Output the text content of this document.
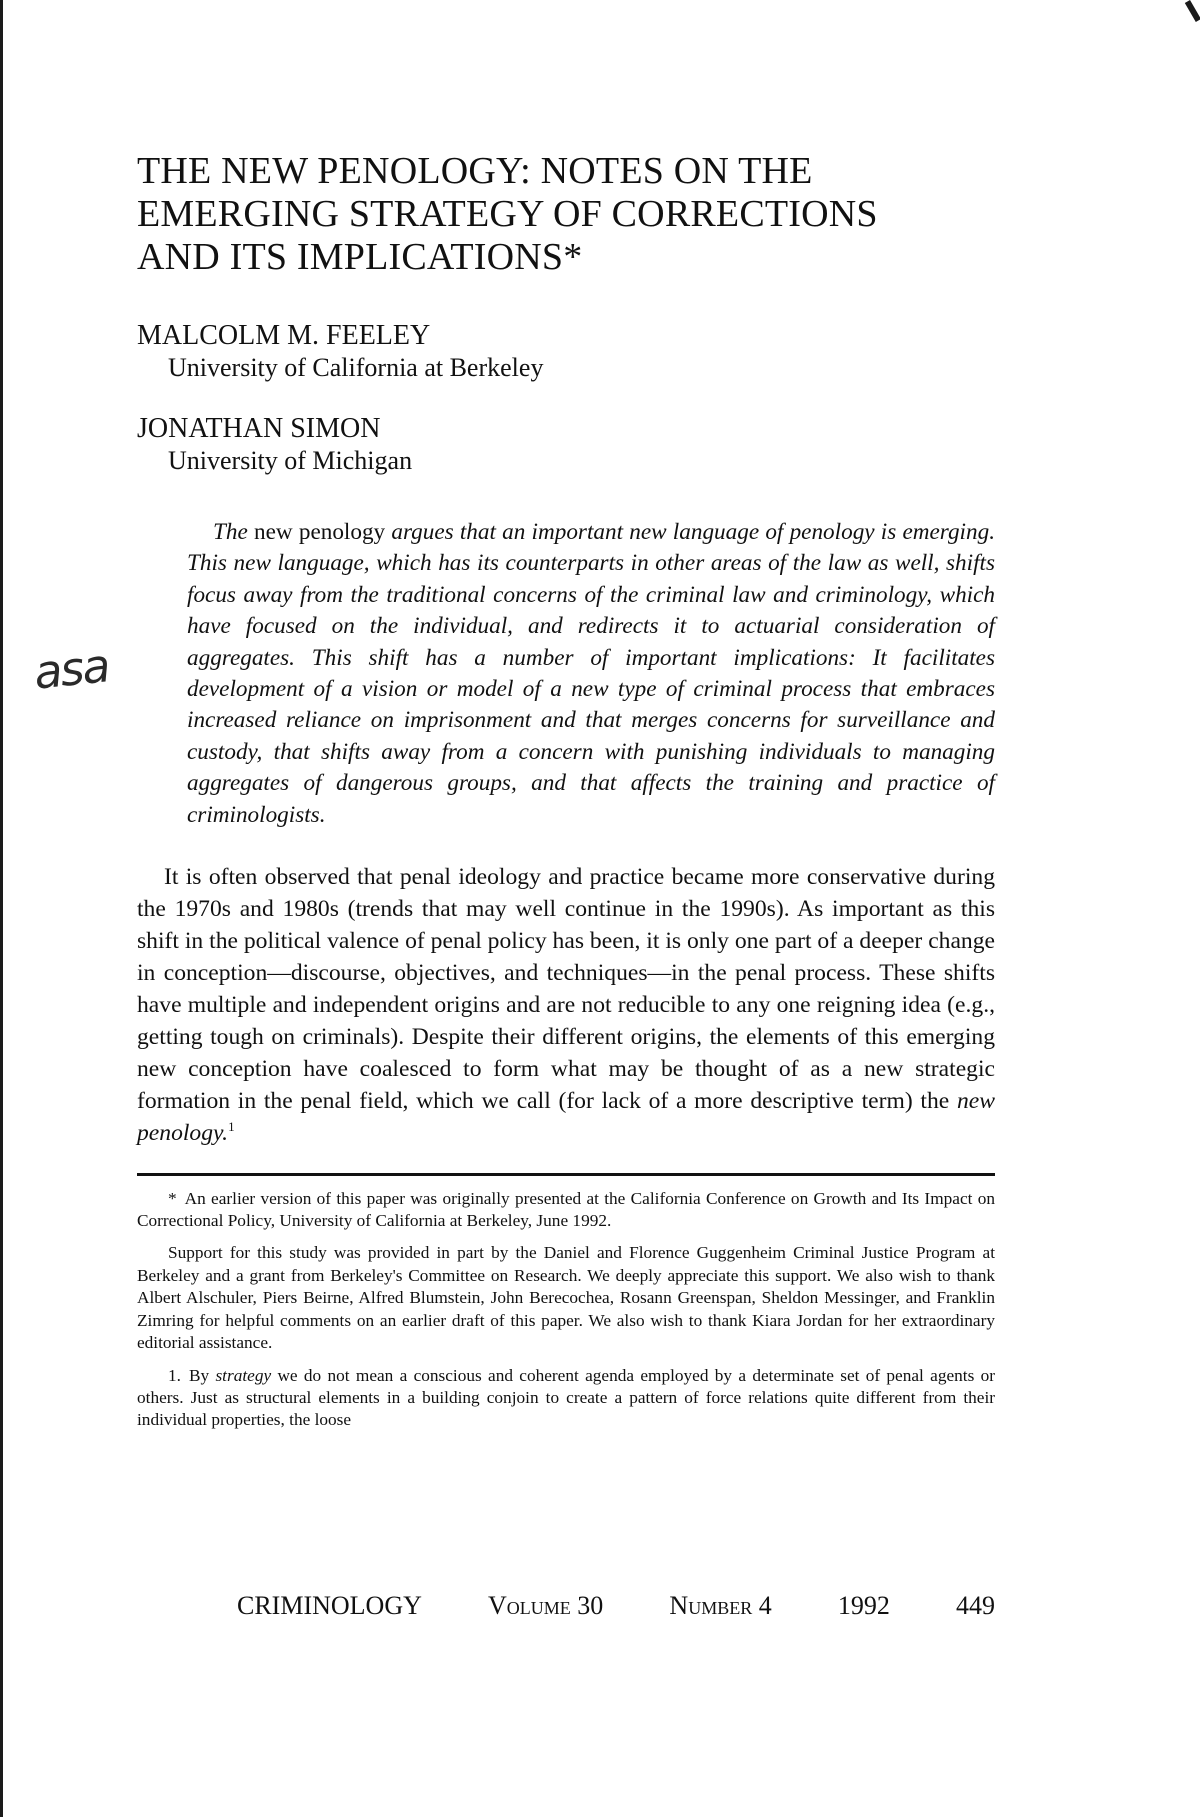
asa
THE NEW PENOLOGY: NOTES ON THE
EMERGING STRATEGY OF CORRECTIONS
AND ITS IMPLICATIONS*
MALCOLM M. FEELEY
University of California at Berkeley
JONATHAN SIMON
University of Michigan

The new penology argues that an important new language of penology is emerging. This new language, which has its counterparts in other areas of the law as well, shifts focus away from the traditional concerns of the criminal law and criminology, which have focused on the individual, and redirects it to actuarial consideration of aggregates. This shift has a number of important implications: It facilitates development of a vision or model of a new type of criminal process that embraces increased reliance on imprisonment and that merges concerns for surveillance and custody, that shifts away from a concern with punishing individuals to managing aggregates of dangerous groups, and that affects the training and practice of criminologists.

It is often observed that penal ideology and practice became more conservative during the 1970s and 1980s (trends that may well continue in the 1990s). As important as this shift in the political valence of penal policy has been, it is only one part of a deeper change in conception—discourse, objectives, and techniques—in the penal process. These shifts have multiple and independent origins and are not reducible to any one reigning idea (e.g., getting tough on criminals). Despite their different origins, the elements of this emerging new conception have coalesced to form what may be thought of as a new strategic formation in the penal field, which we call (for lack of a more descriptive term) the new penology.$^1$

* An earlier version of this paper was originally presented at the California Conference on Growth and Its Impact on Correctional Policy, University of California at Berkeley, June 1992.

Support for this study was provided in part by the Daniel and Florence Guggenheim Criminal Justice Program at Berkeley and a grant from Berkeley's Committee on Research. We deeply appreciate this support. We also wish to thank Albert Alschuler, Piers Beirne, Alfred Blumstein, John Berecochea, Rosann Greenspan, Sheldon Messinger, and Franklin Zimring for helpful comments on an earlier draft of this paper. We also wish to thank Kiara Jordan for her extraordinary editorial assistance.

1. By strategy we do not mean a conscious and coherent agenda employed by a determinate set of penal agents or others. Just as structural elements in a building conjoin to create a pattern of force relations quite different from their individual properties, the loose

CRIMINOLOGY	Volume 30	Number 4	1992	449
